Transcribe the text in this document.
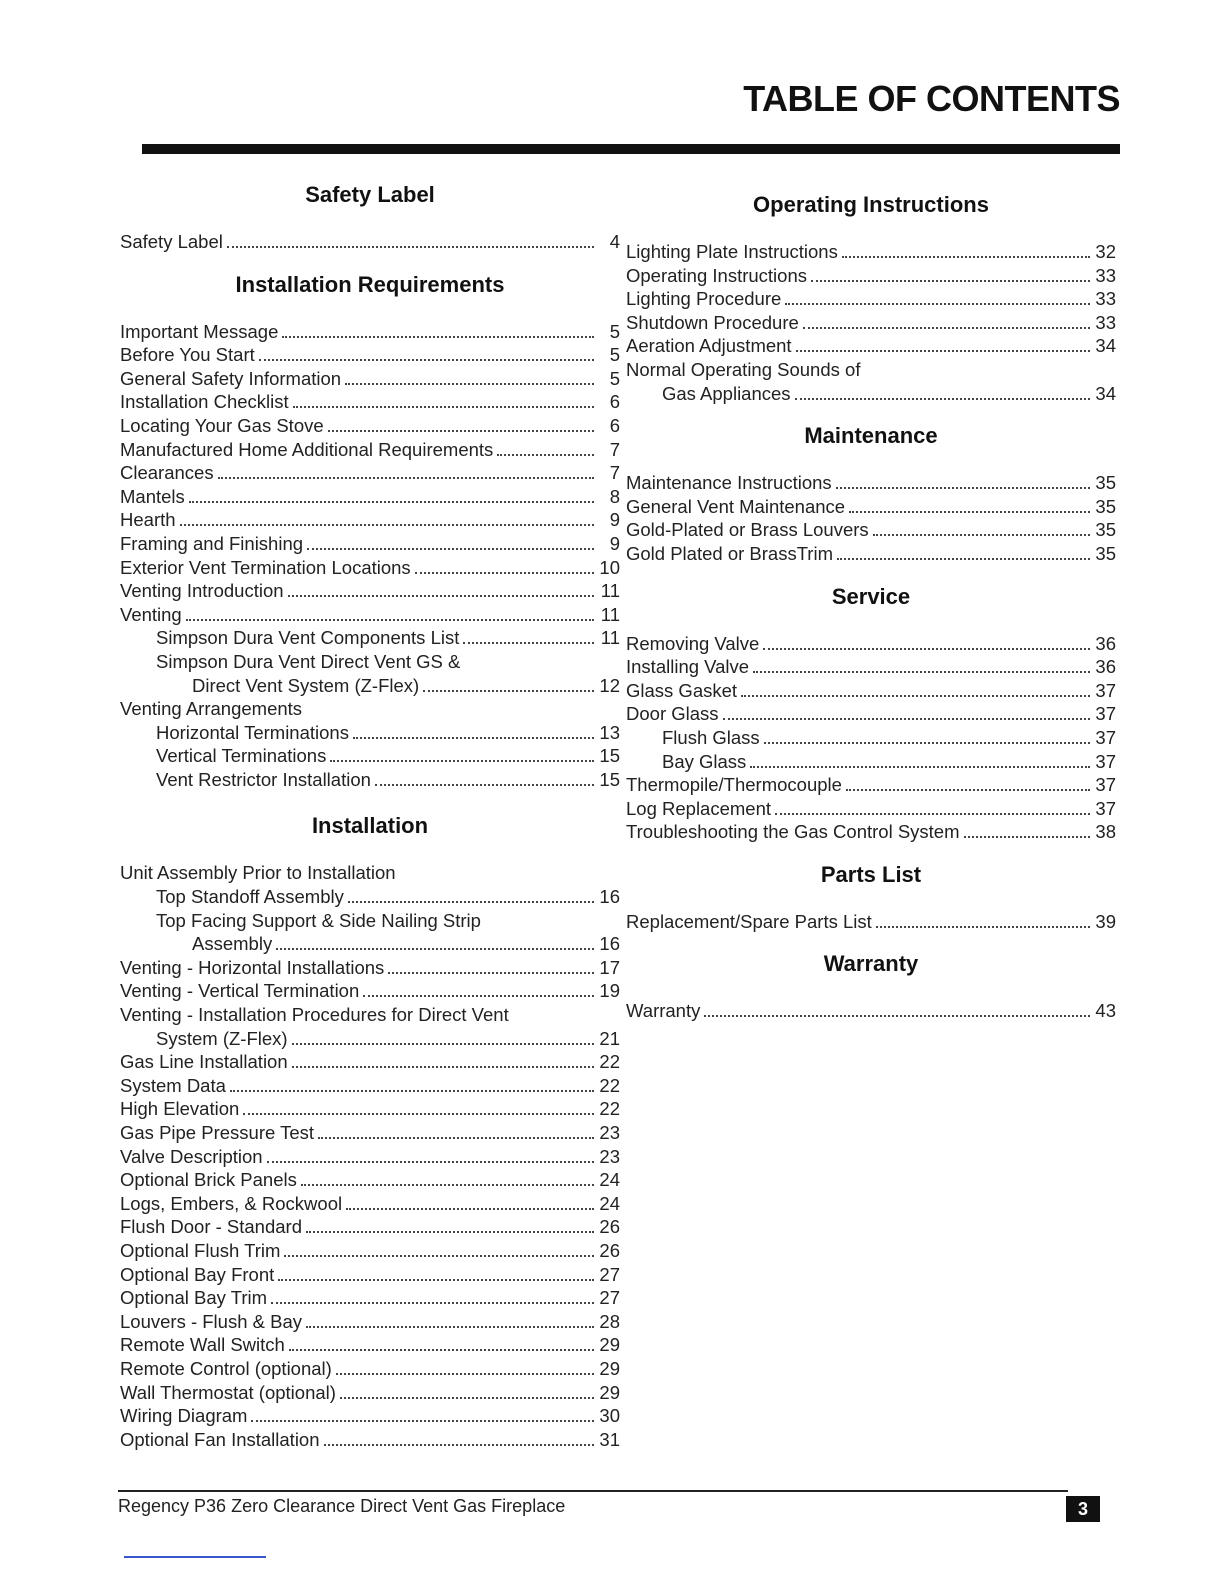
TABLE OF CONTENTS
Safety Label
Safety Label	4
Installation Requirements
Important Message	5
Before You Start	5
General Safety Information	5
Installation Checklist	6
Locating Your Gas Stove	6
Manufactured Home Additional Requirements	7
Clearances	7
Mantels	8
Hearth	9
Framing and Finishing	9
Exterior Vent Termination Locations	10
Venting Introduction	11
Venting	11
Simpson Dura Vent Components List	11
Simpson Dura Vent Direct Vent GS &
Direct Vent System (Z-Flex)	12
Venting Arrangements
Horizontal Terminations	13
Vertical Terminations	15
Vent Restrictor Installation	15
Installation
Unit Assembly Prior to Installation
Top Standoff Assembly	16
Top Facing Support & Side Nailing Strip
Assembly	16
Venting - Horizontal Installations	17
Venting - Vertical Termination	19
Venting - Installation Procedures for Direct Vent
System (Z-Flex)	21
Gas Line Installation	22
System Data	22
High Elevation	22
Gas Pipe Pressure Test	23
Valve Description	23
Optional Brick Panels	24
Logs, Embers, & Rockwool	24
Flush Door - Standard	26
Optional Flush Trim	26
Optional Bay Front	27
Optional Bay Trim	27
Louvers - Flush & Bay	28
Remote Wall Switch	29
Remote Control (optional)	29
Wall Thermostat (optional)	29
Wiring Diagram	30
Optional Fan Installation	31
Operating Instructions
Lighting Plate Instructions	32
Operating Instructions	33
Lighting Procedure	33
Shutdown Procedure	33
Aeration Adjustment	34
Normal Operating Sounds of
Gas Appliances	34
Maintenance
Maintenance Instructions	35
General Vent Maintenance	35
Gold-Plated or Brass Louvers	35
Gold Plated or BrassTrim	35
Service
Removing Valve	36
Installing Valve	36
Glass Gasket	37
Door Glass	37
Flush Glass	37
Bay Glass	37
Thermopile/Thermocouple	37
Log Replacement	37
Troubleshooting the Gas Control System	38
Parts List
Replacement/Spare Parts List	39
Warranty
Warranty	43
Regency P36 Zero Clearance Direct Vent Gas Fireplace	3
